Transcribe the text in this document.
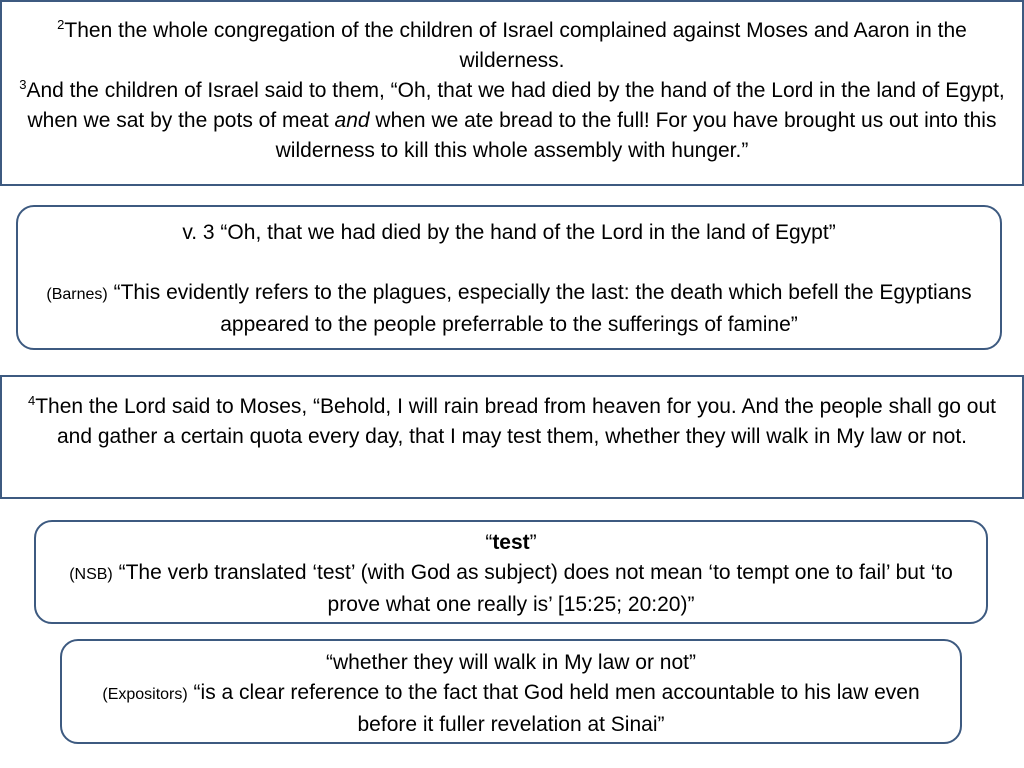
$^2$Then the whole congregation of the children of Israel complained against Moses and Aaron in the wilderness.
$^3$And the children of Israel said to them, “Oh, that we had died by the hand of the Lord in the land of Egypt, when we sat by the pots of meat and when we ate bread to the full! For you have brought us out into this wilderness to kill this whole assembly with hunger.”
v. 3 “Oh, that we had died by the hand of the Lord in the land of Egypt”
(Barnes) “This evidently refers to the plagues, especially the last: the death which befell the Egyptians appeared to the people preferrable to the sufferings of famine”
$^4$Then the Lord said to Moses, “Behold, I will rain bread from heaven for you. And the people shall go out and gather a certain quota every day, that I may test them, whether they will walk in My law or not.
“test”
(NSB) “The verb translated ‘test’ (with God as subject) does not mean ‘to tempt one to fail’ but ‘to prove what one really is’ [15:25; 20:20)”
“whether they will walk in My law or not”
(Expositors) “is a clear reference to the fact that God held men accountable to his law even before it fuller revelation at Sinai”
